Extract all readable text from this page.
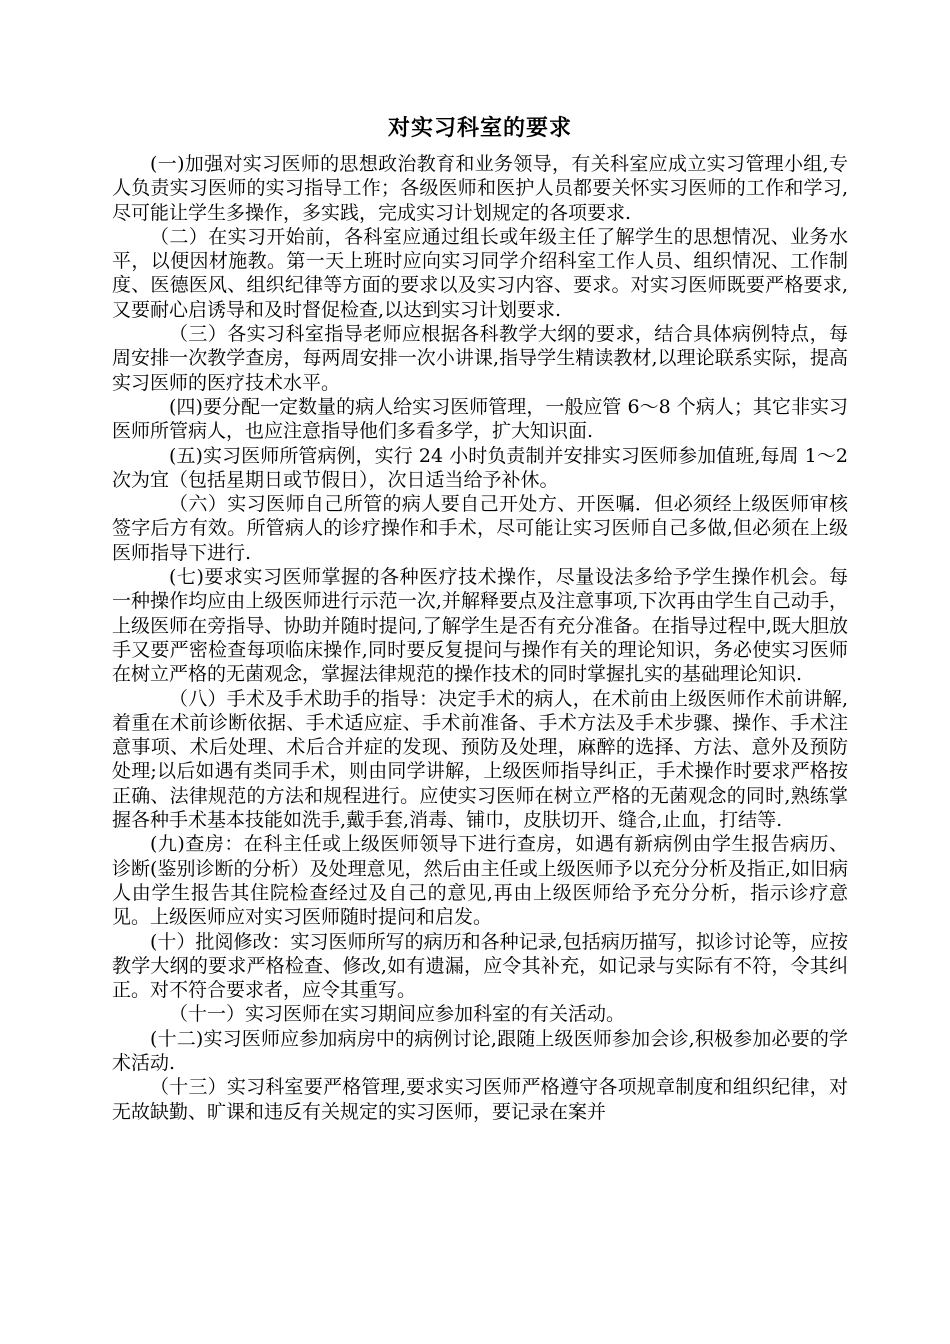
对实习科室的要求

(一)加强对实习医师的思想政治教育和业务领导，有关科室应成立实习管理小组,专人负责实习医师的实习指导工作；各级医师和医护人员都要关怀实习医师的工作和学习,尽可能让学生多操作，多实践，完成实习计划规定的各项要求.

（二）在实习开始前，各科室应通过组长或年级主任了解学生的思想情况、业务水平，以便因材施教。第一天上班时应向实习同学介绍科室工作人员、组织情况、工作制度、医德医风、组织纪律等方面的要求以及实习内容、要求。对实习医师既要严格要求,又要耐心启诱导和及时督促检查,以达到实习计划要求.

（三）各实习科室指导老师应根据各科教学大纲的要求，结合具体病例特点，每周安排一次教学查房，每两周安排一次小讲课,指导学生精读教材,以理论联系实际，提高实习医师的医疗技术水平。

(四)要分配一定数量的病人给实习医师管理，一般应管 6～8 个病人；其它非实习医师所管病人，也应注意指导他们多看多学，扩大知识面.

(五)实习医师所管病例，实行 24 小时负责制并安排实习医师参加值班,每周 1～2 次为宜（包括星期日或节假日），次日适当给予补休。

（六）实习医师自己所管的病人要自己开处方、开医嘱．但必须经上级医师审核签字后方有效。所管病人的诊疗操作和手术，尽可能让实习医师自己多做,但必须在上级医师指导下进行.

(七)要求实习医师掌握的各种医疗技术操作，尽量设法多给予学生操作机会。每一种操作均应由上级医师进行示范一次,并解释要点及注意事项,下次再由学生自己动手，上级医师在旁指导、协助并随时提问,了解学生是否有充分准备。在指导过程中,既大胆放手又要严密检查每项临床操作,同时要反复提问与操作有关的理论知识，务必使实习医师在树立严格的无菌观念，掌握法律规范的操作技术的同时掌握扎实的基础理论知识.

（八）手术及手术助手的指导：决定手术的病人，在术前由上级医师作术前讲解,着重在术前诊断依据、手术适应症、手术前准备、手术方法及手术步骤、操作、手术注意事项、术后处理、术后合并症的发现、预防及处理，麻醉的选择、方法、意外及预防处理;以后如遇有类同手术，则由同学讲解，上级医师指导纠正，手术操作时要求严格按正确、法律规范的方法和规程进行。应使实习医师在树立严格的无菌观念的同时,熟练掌握各种手术基本技能如洗手,戴手套,消毒、铺巾，皮肤切开、缝合,止血，打结等.

(九)查房：在科主任或上级医师领导下进行查房，如遇有新病例由学生报告病历、诊断(鉴别诊断的分析）及处理意见，然后由主任或上级医师予以充分分析及指正,如旧病人由学生报告其住院检查经过及自己的意见,再由上级医师给予充分分析，指示诊疗意见。上级医师应对实习医师随时提问和启发。

(十）批阅修改：实习医师所写的病历和各种记录,包括病历描写，拟诊讨论等，应按教学大纲的要求严格检查、修改,如有遗漏，应令其补充，如记录与实际有不符，令其纠正。对不符合要求者，应令其重写。

（十一）实习医师在实习期间应参加科室的有关活动。

(十二)实习医师应参加病房中的病例讨论,跟随上级医师参加会诊,积极参加必要的学术活动.

（十三）实习科室要严格管理,要求实习医师严格遵守各项规章制度和组织纪律，对无故缺勤、旷课和违反有关规定的实习医师，要记录在案并
